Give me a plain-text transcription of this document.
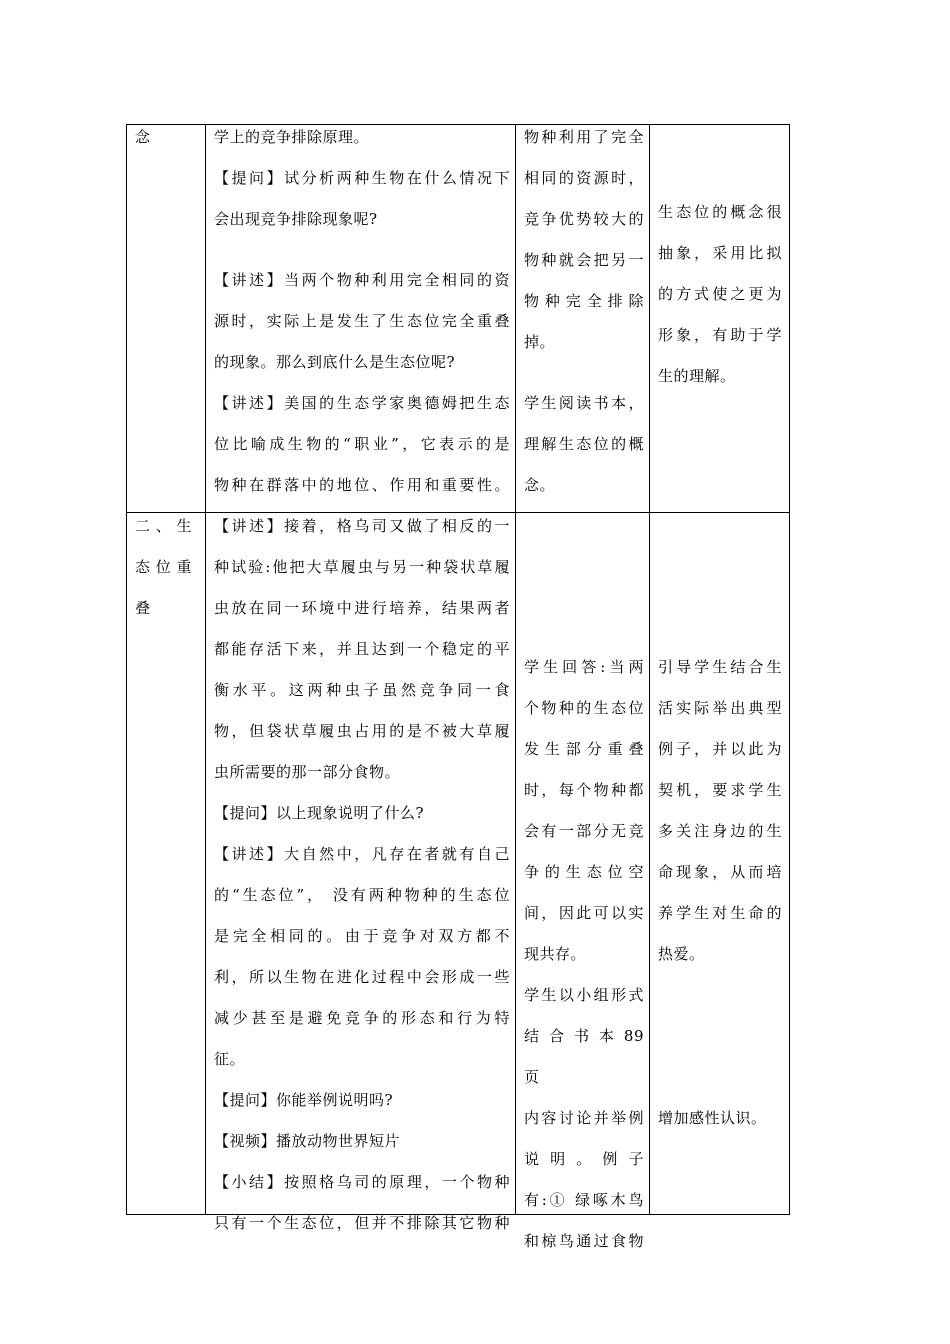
念	学上的竞争排除原理。

【提问】试分析两种生物在什么情况下

会出现竞争排除现象呢?

【讲述】当两个物种利用完全相同的资

源时，实际上是发生了生态位完全重叠

的现象。那么到底什么是生态位呢?

【讲述】美国的生态学家奥德姆把生态

位比喻成生物的“职业”，它表示的是

物种在群落中的地位、作用和重要性。

物种利用了完全

相同的资源时，

竞争优势较大的

物种就会把另一

物 种 完 全 排 除

掉。

学生阅读书本，

理解生态位的概

念。

生态位的概念很

抽象，采用比拟

的方式使之更为

形象，有助于学

生的理解。

二 、 生

态 位 重

叠

【讲述】接着，格乌司又做了相反的一

种试验:他把大草履虫与另一种袋状草履

虫放在同一环境中进行培养，结果两者

都能存活下来，并且达到一个稳定的平

衡水平。这两种虫子虽然竞争同一食

物，但袋状草履虫占用的是不被大草履

虫所需要的那一部分食物。

【提问】以上现象说明了什么?

【讲述】大自然中，凡存在者就有自己

的“生态位”， 没有两种物种的生态位

是完全相同的。由于竞争对双方都不

利，所以生物在进化过程中会形成一些

减少甚至是避免竞争的形态和行为特

征。

【提问】你能举例说明吗?

【视频】播放动物世界短片

【小结】按照格乌司的原理，一个物种

只有一个生态位，但并不排除其它物种

学生回答:当两

个物种的生态位

发 生 部 分 重 叠

时，每个物种都

会有一部分无竞

争 的 生 态 位 空

间，因此可以实

现共存。

学生以小组形式

结 合 书 本 89 页

内容讨论并举例

说 明 。 例 子

有:① 绿啄木鸟

和椋鸟通过食物

引导学生结合生

活实际举出典型

例子，并以此为

契机，要求学生

多关注身边的生

命现象，从而培

养学生对生命的

热爱。

增加感性认识。
